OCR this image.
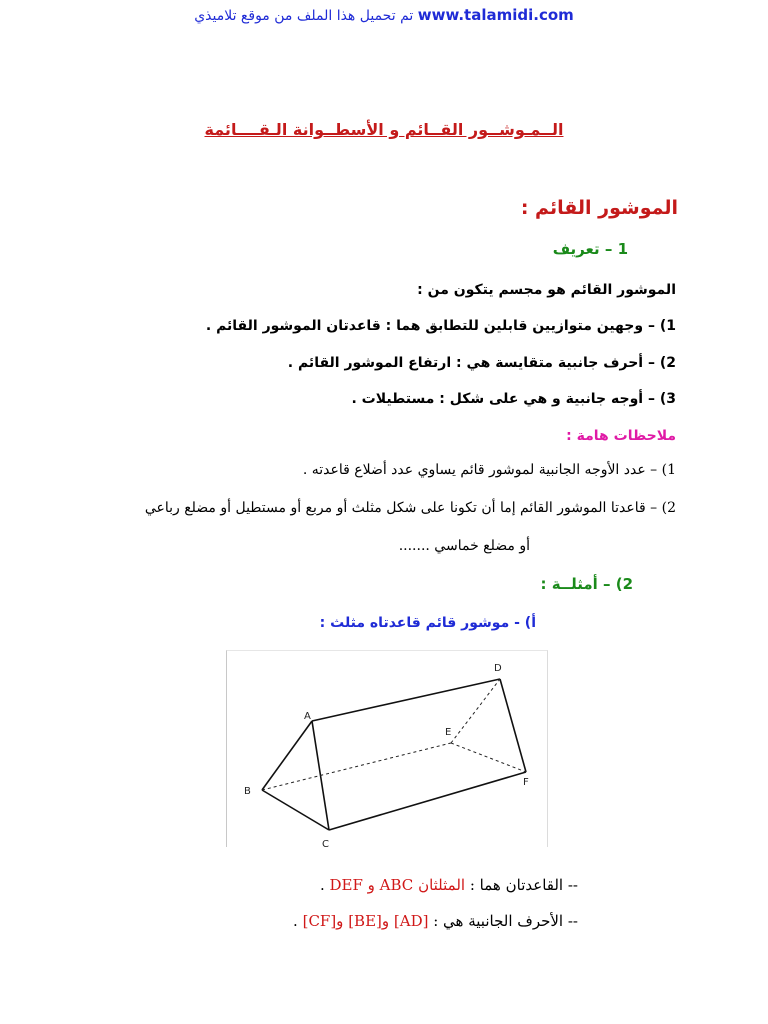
تم تحميل هذا الملف من موقع تلاميذي www.talamidi.com
الــمـوشــور القــائم و الأسطــوانة الـقــــائمة
الموشور القائم :
1 – تعريف
الموشور القائم هو مجسم يتكون من :
1) – وجهين متوازيين قابلين للتطابق هما : قاعدتان الموشور القائم .
2) – أحرف جانبية متقايسة هي : ارتفاع الموشور القائم .
3) – أوجه جانبية و هي على شكل : مستطيلات .
ملاحظات هامة :
1) – عدد الأوجه الجانبية لموشور قائم يساوي عدد أضلاع قاعدته .
2) – قاعدتا الموشور القائم إما أن تكونا على شكل مثلث أو مربع أو مستطيل أو مضلع رباعي
أو مضلع خماسي .......
2) – أمثلــة :
أ) - موشور قائم قاعدتاه مثلث :
A
B
C
D
E
F
-- القاعدتان هما : المثلثان ABC و DEF .
-- الأحرف الجانبية هي : [AD] و[BE] و[CF] .
